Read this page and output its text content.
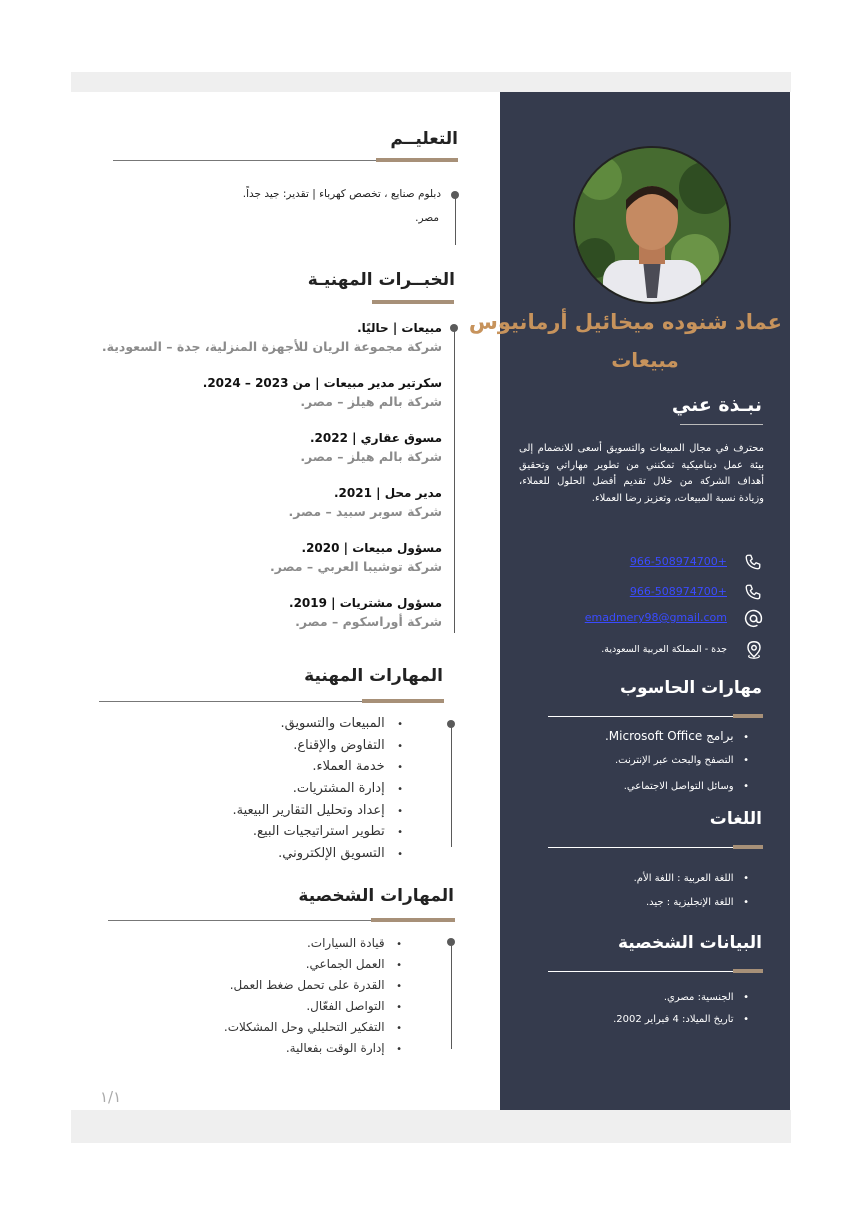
عماد شنوده ميخائيل أرمانيوس
مبيعات
نبـذة عني
محترف في مجال المبيعات والتسويق أسعى للانضمام إلى بيئة عمل ديناميكية تمكنني من تطوير مهاراتي وتحقيق أهداف الشركة من خلال تقديم أفضل الحلول للعملاء، وزيادة نسبة المبيعات، وتعزيز رضا العملاء.
+966-508974700
+966-508974700
emadmery98@gmail.com
جدة - المملكة العربية السعودية.
مهارات الحاسوب
•   برامج Microsoft Office.
•   التصفح والبحث عبر الإنترنت.
•   وسائل التواصل الاجتماعي.
اللغات
•   اللغة العربية : اللغة الأم.
•   اللغة الإنجليزية : جيد.
البيانات الشخصية
•   الجنسية: مصري.
•   تاريخ الميلاد: 4 فبراير 2002.
التعليــم
دبلوم صنايع ، تخصص كهرباء | تقدير: جيد جداً.
مصر.
الخبــرات المهنيـة
مبيعات | حاليًا.
شركة مجموعة الريان للأجهزة المنزلية، جدة – السعودية.
سكرتير مدير مبيعات | من 2023 – 2024.
شركة بالم هيلز – مصر.
مسوق عقاري | 2022.
شركة بالم هيلز – مصر.
مدير محل | 2021.
شركة سوبر سبيد – مصر.
مسؤول مبيعات | 2020.
شركة توشيبا العربي – مصر.
مسؤول مشتريات | 2019.
شركة أوراسكوم – مصر.
المهارات المهنية
•   المبيعات والتسويق.
•   التفاوض والإقناع.
•   خدمة العملاء.
•   إدارة المشتريات.
•   إعداد وتحليل التقارير البيعية.
•   تطوير استراتيجيات البيع.
•   التسويق الإلكتروني.
المهارات الشخصية
•   قيادة السيارات.
•   العمل الجماعي.
•   القدرة على تحمل ضغط العمل.
•   التواصل الفعّال.
•   التفكير التحليلي وحل المشكلات.
•   إدارة الوقت بفعالية.
١/١
